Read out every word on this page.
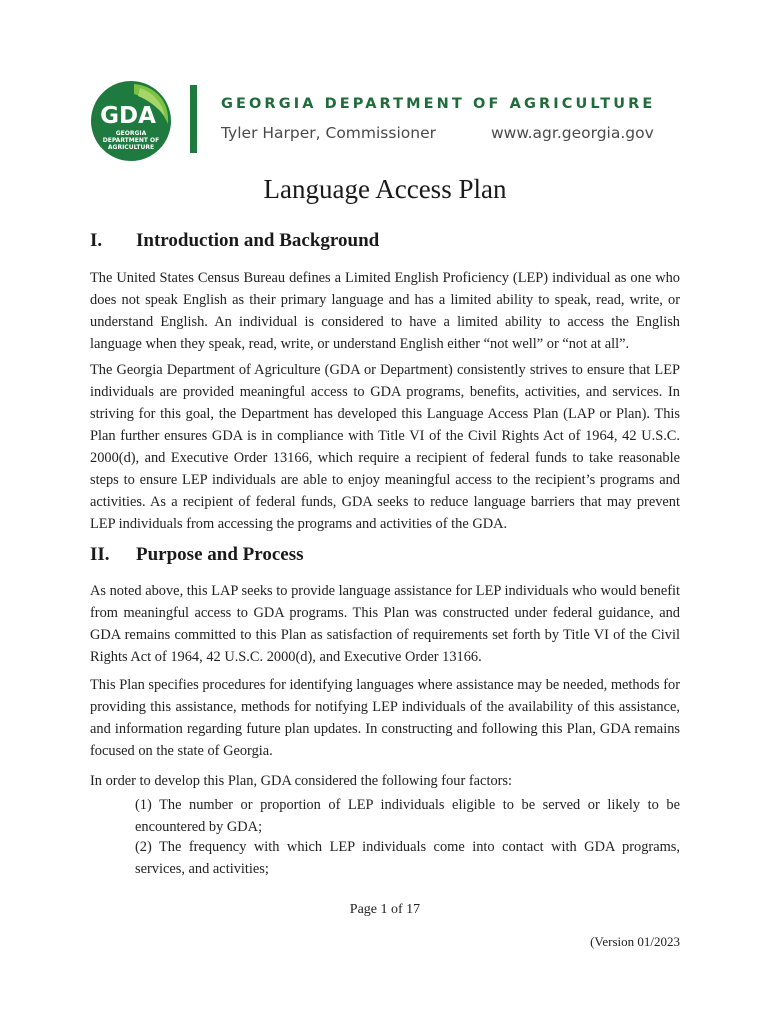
GDA
GEORGIA
DEPARTMENT OF
AGRICULTURE
GEORGIA DEPARTMENT OF AGRICULTURE
Tyler Harper, Commissioner	www.agr.georgia.gov
Language Access Plan
I. Introduction and Background

The United States Census Bureau defines a Limited English Proficiency (LEP) individual as one who does not speak English as their primary language and has a limited ability to speak, read, write, or understand English. An individual is considered to have a limited ability to access the English language when they speak, read, write, or understand English either “not well” or “not at all”.

The Georgia Department of Agriculture (GDA or Department) consistently strives to ensure that LEP individuals are provided meaningful access to GDA programs, benefits, activities, and services. In striving for this goal, the Department has developed this Language Access Plan (LAP or Plan). This Plan further ensures GDA is in compliance with Title VI of the Civil Rights Act of 1964, 42 U.S.C. 2000(d), and Executive Order 13166, which require a recipient of federal funds to take reasonable steps to ensure LEP individuals are able to enjoy meaningful access to the recipient’s programs and activities. As a recipient of federal funds, GDA seeks to reduce language barriers that may prevent LEP individuals from accessing the programs and activities of the GDA.

II. Purpose and Process

As noted above, this LAP seeks to provide language assistance for LEP individuals who would benefit from meaningful access to GDA programs. This Plan was constructed under federal guidance, and GDA remains committed to this Plan as satisfaction of requirements set forth by Title VI of the Civil Rights Act of 1964, 42 U.S.C. 2000(d), and Executive Order 13166.

This Plan specifies procedures for identifying languages where assistance may be needed, methods for providing this assistance, methods for notifying LEP individuals of the availability of this assistance, and information regarding future plan updates. In constructing and following this Plan, GDA remains focused on the state of Georgia.

In order to develop this Plan, GDA considered the following four factors:

(1) The number or proportion of LEP individuals eligible to be served or likely to be encountered by GDA;

(2) The frequency with which LEP individuals come into contact with GDA programs, services, and activities;

Page 1 of 17
(Version 01/2023
